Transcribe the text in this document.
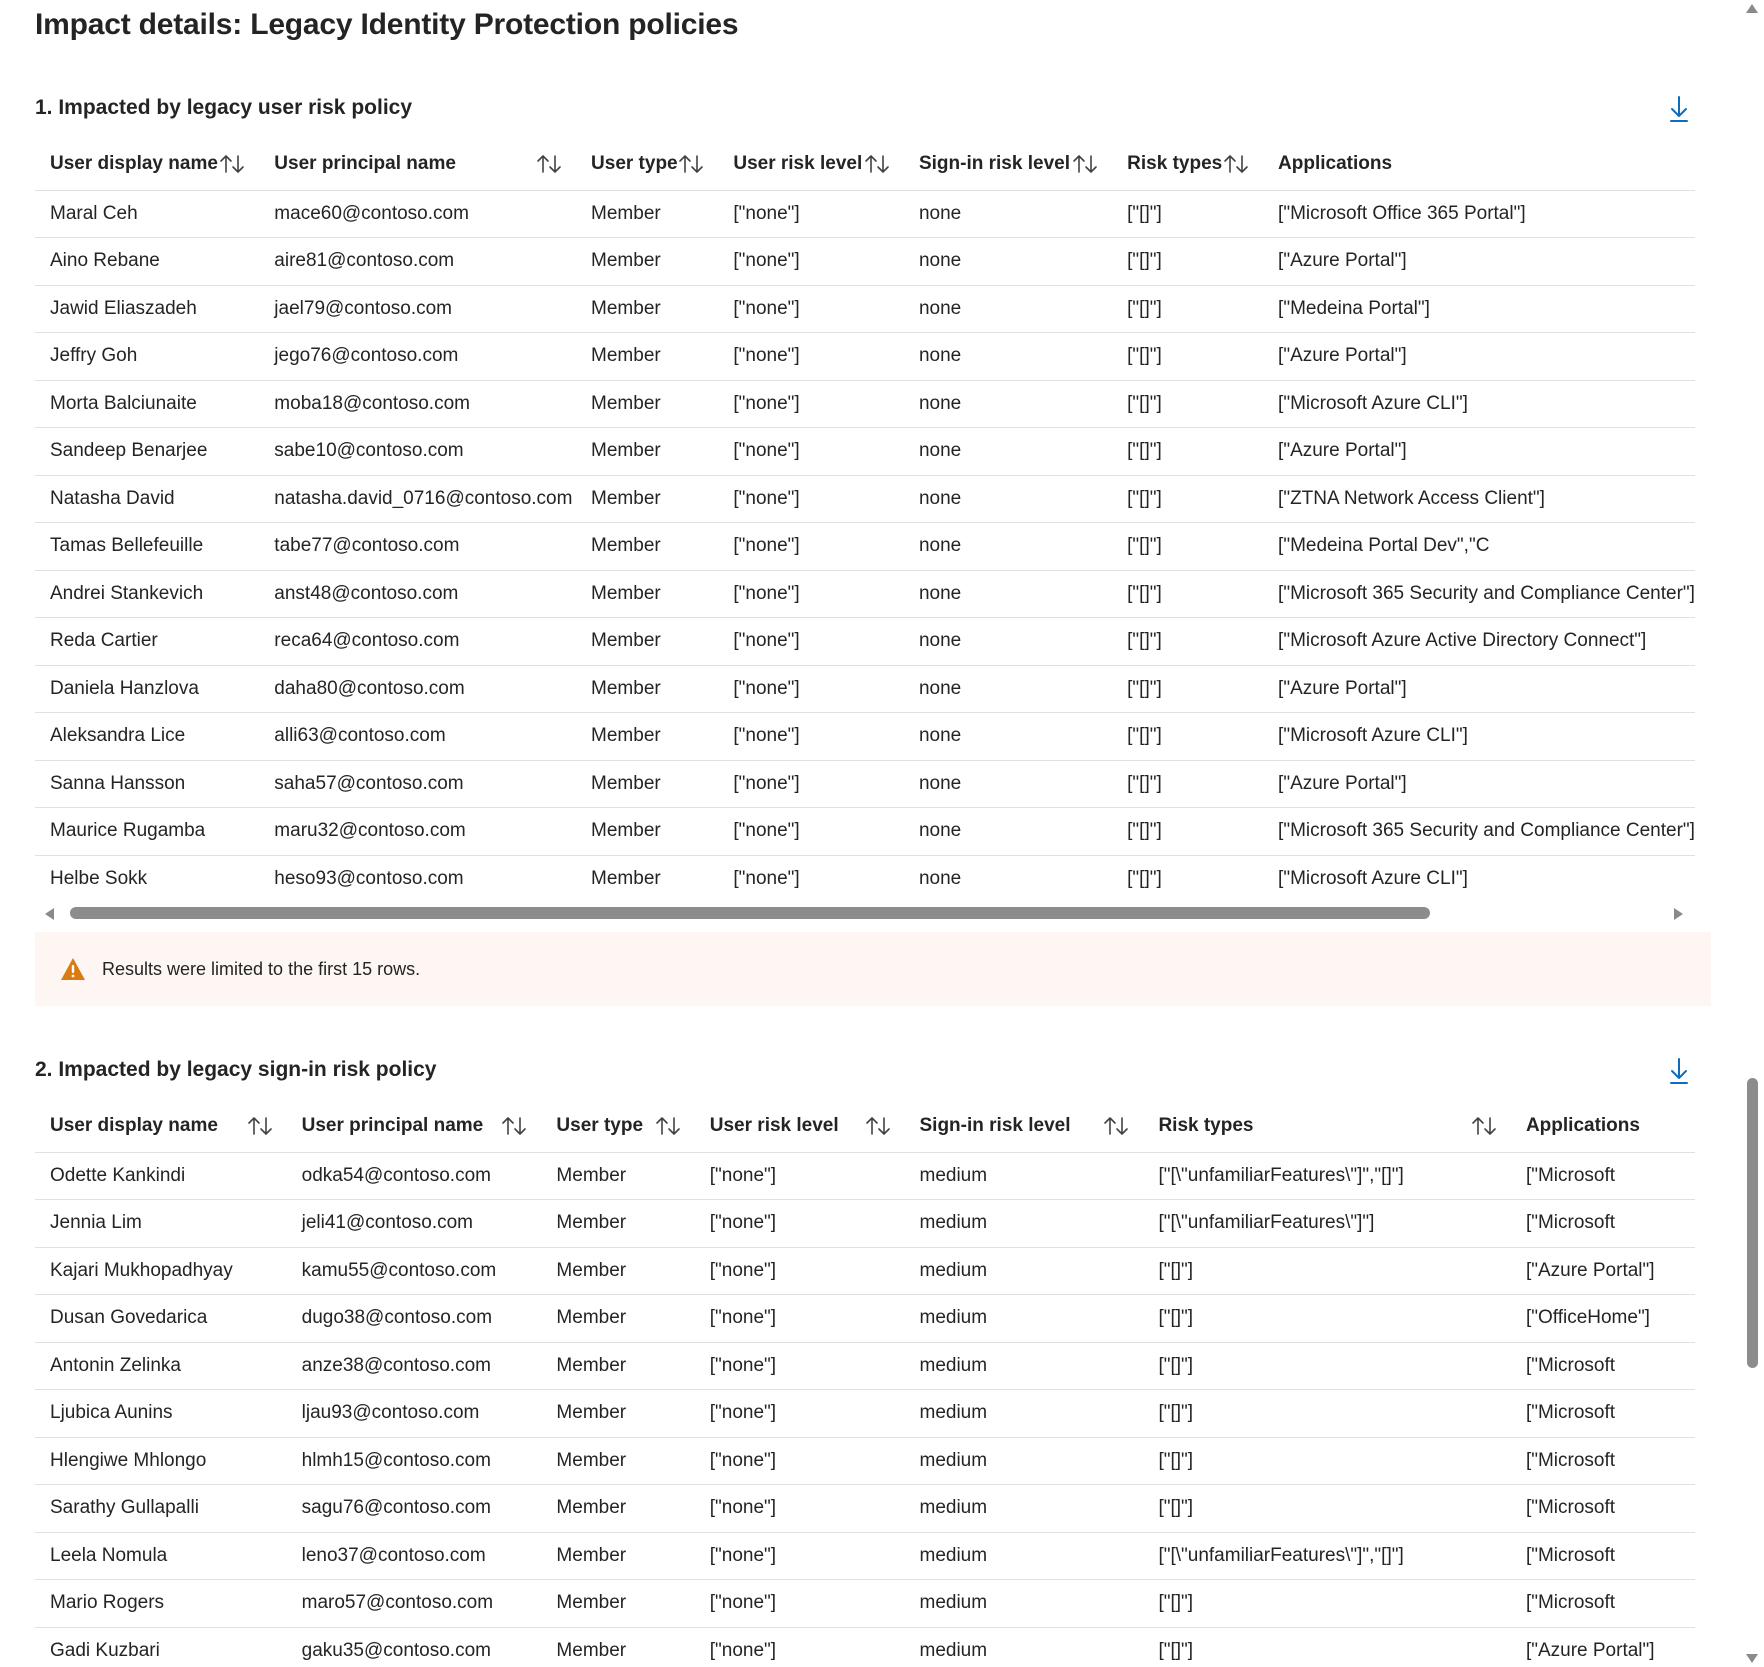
Impact details: Legacy Identity Protection policies
1. Impacted by legacy user risk policy
User display name	User principal name	User type	User risk level	Sign-in risk level	Risk types	Applications

Maral Ceh	mace60@contoso.com	Member	["none"]	none	["[]"]	["Microsoft Office 365 Portal"]
Aino Rebane	aire81@contoso.com	Member	["none"]	none	["[]"]	["Azure Portal"]
Jawid Eliaszadeh	jael79@contoso.com	Member	["none"]	none	["[]"]	["Medeina Portal"]
Jeffry Goh	jego76@contoso.com	Member	["none"]	none	["[]"]	["Azure Portal"]
Morta Balciunaite	moba18@contoso.com	Member	["none"]	none	["[]"]	["Microsoft Azure CLI"]
Sandeep Benarjee	sabe10@contoso.com	Member	["none"]	none	["[]"]	["Azure Portal"]
Natasha David	natasha.david_0716@contoso.com	Member	["none"]	none	["[]"]	["ZTNA Network Access Client"]
Tamas Bellefeuille	tabe77@contoso.com	Member	["none"]	none	["[]"]	["Medeina Portal Dev","C
Andrei Stankevich	anst48@contoso.com	Member	["none"]	none	["[]"]	["Microsoft 365 Security and Compliance Center"]
Reda Cartier	reca64@contoso.com	Member	["none"]	none	["[]"]	["Microsoft Azure Active Directory Connect"]
Daniela Hanzlova	daha80@contoso.com	Member	["none"]	none	["[]"]	["Azure Portal"]
Aleksandra Lice	alli63@contoso.com	Member	["none"]	none	["[]"]	["Microsoft Azure CLI"]
Sanna Hansson	saha57@contoso.com	Member	["none"]	none	["[]"]	["Azure Portal"]
Maurice Rugamba	maru32@contoso.com	Member	["none"]	none	["[]"]	["Microsoft 365 Security and Compliance Center"]
Helbe Sokk	heso93@contoso.com	Member	["none"]	none	["[]"]	["Microsoft Azure CLI"]
Results were limited to the first 15 rows.
2. Impacted by legacy sign-in risk policy
User display name	User principal name	User type	User risk level	Sign-in risk level	Risk types	Applications

Odette Kankindi	odka54@contoso.com	Member	["none"]	medium	["[\"unfamiliarFeatures\"]","[]"]	["Microsoft
Jennia Lim	jeli41@contoso.com	Member	["none"]	medium	["[\"unfamiliarFeatures\"]"]	["Microsoft
Kajari Mukhopadhyay	kamu55@contoso.com	Member	["none"]	medium	["[]"]	["Azure Portal"]
Dusan Govedarica	dugo38@contoso.com	Member	["none"]	medium	["[]"]	["OfficeHome"]
Antonin Zelinka	anze38@contoso.com	Member	["none"]	medium	["[]"]	["Microsoft
Ljubica Aunins	ljau93@contoso.com	Member	["none"]	medium	["[]"]	["Microsoft
Hlengiwe Mhlongo	hlmh15@contoso.com	Member	["none"]	medium	["[]"]	["Microsoft
Sarathy Gullapalli	sagu76@contoso.com	Member	["none"]	medium	["[]"]	["Microsoft
Leela Nomula	leno37@contoso.com	Member	["none"]	medium	["[\"unfamiliarFeatures\"]","[]"]	["Microsoft
Mario Rogers	maro57@contoso.com	Member	["none"]	medium	["[]"]	["Microsoft
Gadi Kuzbari	gaku35@contoso.com	Member	["none"]	medium	["[]"]	["Azure Portal"]
